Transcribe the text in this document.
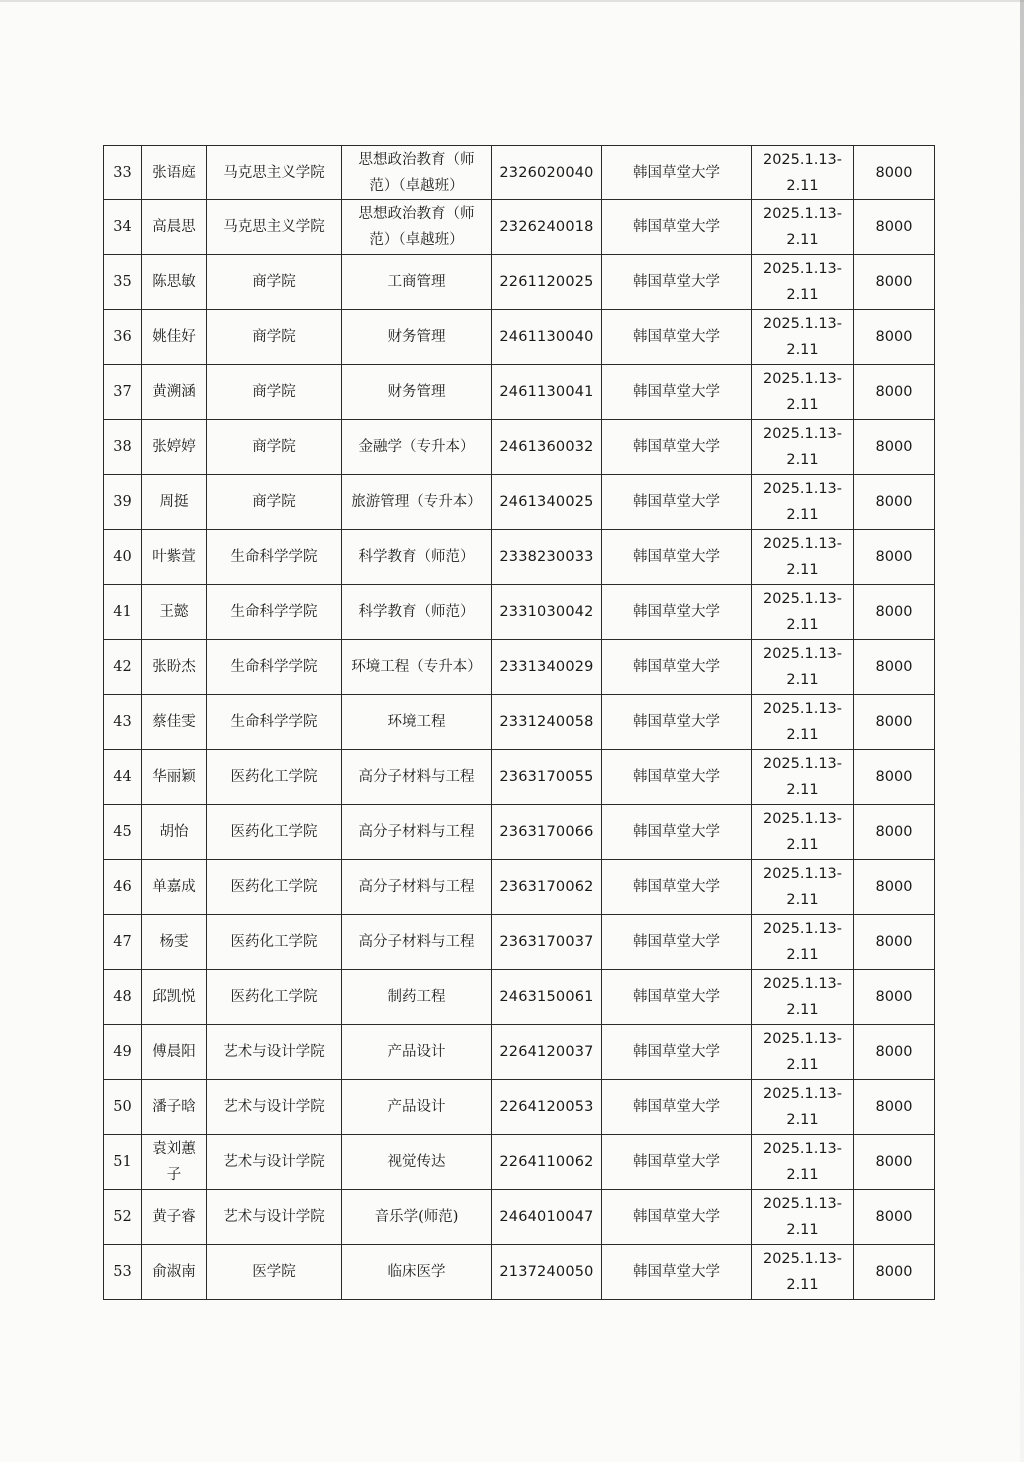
33	张语庭	马克思主义学院	思想政治教育（师
范）（卓越班）	2326020040	韩国草堂大学	2025.1.13-
2.11	8000
34	高晨思	马克思主义学院	思想政治教育（师
范）（卓越班）	2326240018	韩国草堂大学	2025.1.13-
2.11	8000
35	陈思敏	商学院	工商管理	2261120025	韩国草堂大学	2025.1.13-
2.11	8000
36	姚佳好	商学院	财务管理	2461130040	韩国草堂大学	2025.1.13-
2.11	8000
37	黄溯涵	商学院	财务管理	2461130041	韩国草堂大学	2025.1.13-
2.11	8000
38	张婷婷	商学院	金融学（专升本）	2461360032	韩国草堂大学	2025.1.13-
2.11	8000
39	周挺	商学院	旅游管理（专升本）	2461340025	韩国草堂大学	2025.1.13-
2.11	8000
40	叶紫萱	生命科学学院	科学教育（师范）	2338230033	韩国草堂大学	2025.1.13-
2.11	8000
41	王懿	生命科学学院	科学教育（师范）	2331030042	韩国草堂大学	2025.1.13-
2.11	8000
42	张盼杰	生命科学学院	环境工程（专升本）	2331340029	韩国草堂大学	2025.1.13-
2.11	8000
43	蔡佳雯	生命科学学院	环境工程	2331240058	韩国草堂大学	2025.1.13-
2.11	8000
44	华丽颖	医药化工学院	高分子材料与工程	2363170055	韩国草堂大学	2025.1.13-
2.11	8000
45	胡怡	医药化工学院	高分子材料与工程	2363170066	韩国草堂大学	2025.1.13-
2.11	8000
46	单嘉成	医药化工学院	高分子材料与工程	2363170062	韩国草堂大学	2025.1.13-
2.11	8000
47	杨雯	医药化工学院	高分子材料与工程	2363170037	韩国草堂大学	2025.1.13-
2.11	8000
48	邱凯悦	医药化工学院	制药工程	2463150061	韩国草堂大学	2025.1.13-
2.11	8000
49	傅晨阳	艺术与设计学院	产品设计	2264120037	韩国草堂大学	2025.1.13-
2.11	8000
50	潘子晗	艺术与设计学院	产品设计	2264120053	韩国草堂大学	2025.1.13-
2.11	8000
51	袁刘蕙
子	艺术与设计学院	视觉传达	2264110062	韩国草堂大学	2025.1.13-
2.11	8000
52	黄子睿	艺术与设计学院	音乐学(师范)	2464010047	韩国草堂大学	2025.1.13-
2.11	8000
53	俞淑南	医学院	临床医学	2137240050	韩国草堂大学	2025.1.13-
2.11	8000
